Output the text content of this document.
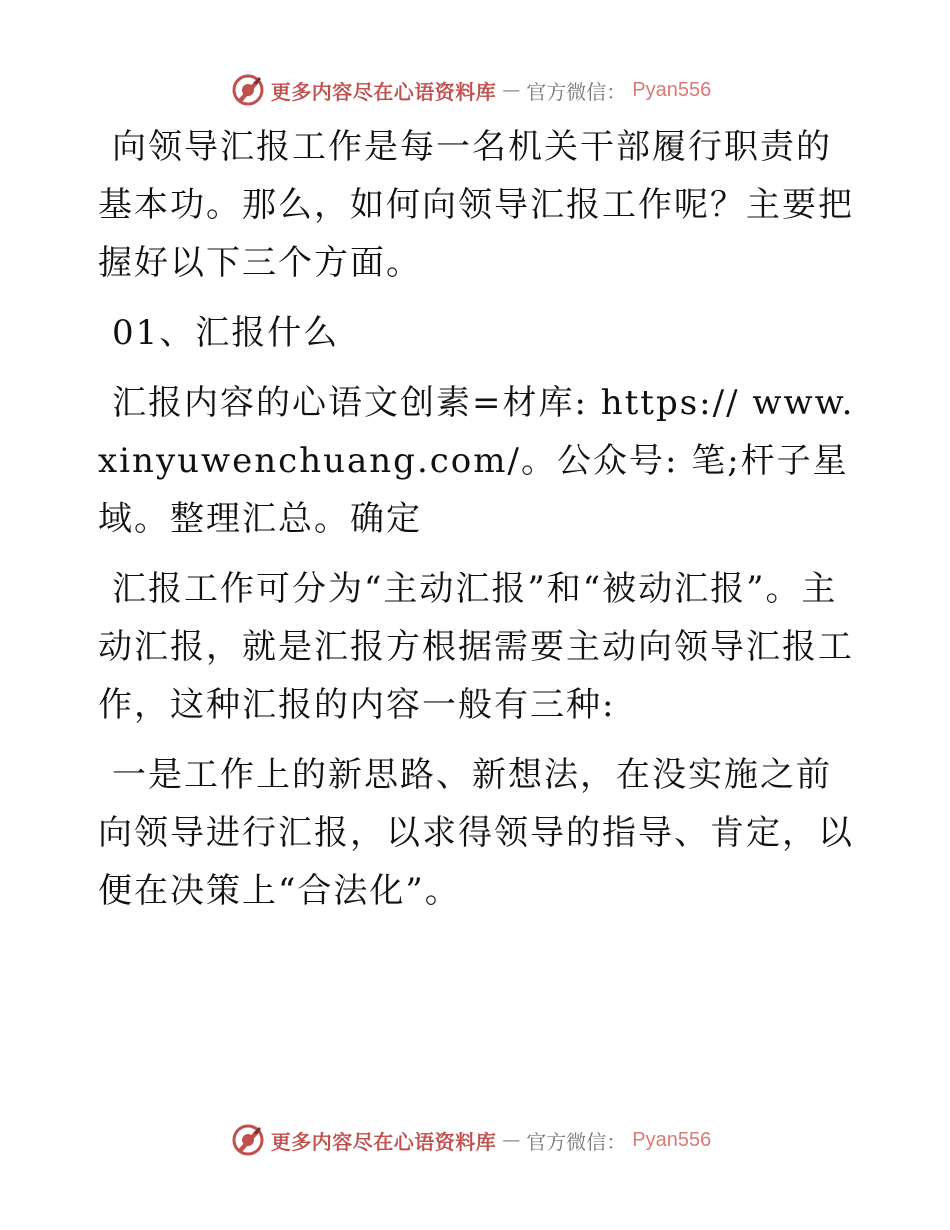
更多内容尽在心语资料库 — 官方微信： Pyan556

向领导汇报工作是每一名机关干部履行职责的基本功。那么，如何向领导汇报工作呢？主要把握好以下三个方面。

01、汇报什么

汇报内容的心语文创素=材库: https:// www.xinyuwenchuang.com/。公众号: 笔;杆子星域。整理汇总。确定

汇报工作可分为“主动汇报”和“被动汇报”。主动汇报，就是汇报方根据需要主动向领导汇报工作，这种汇报的内容一般有三种:

一是工作上的新思路、新想法，在没实施之前向领导进行汇报，以求得领导的指导、肯定，以便在决策上“合法化”。

更多内容尽在心语资料库 — 官方微信： Pyan556
